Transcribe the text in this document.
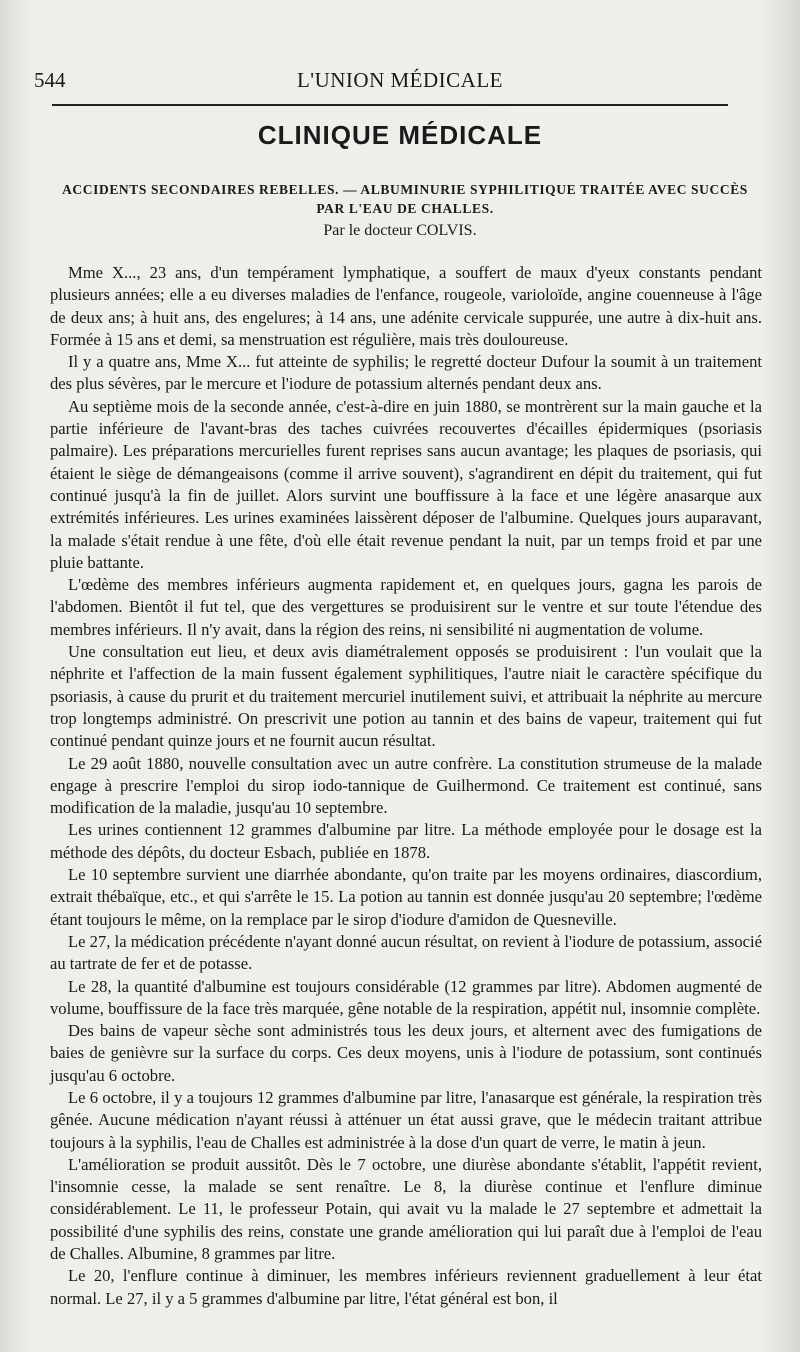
544	L'UNION MÉDICALE
CLINIQUE MÉDICALE
ACCIDENTS SECONDAIRES REBELLES. — ALBUMINURIE SYPHILITIQUE TRAITÉE AVEC SUCCÈS PAR L'EAU DE CHALLES.
Par le docteur COLVIS.

Mme X..., 23 ans, d'un tempérament lymphatique, a souffert de maux d'yeux constants pendant plusieurs années; elle a eu diverses maladies de l'enfance, rougeole, varioloïde, angine couenneuse à l'âge de deux ans; à huit ans, des engelures; à 14 ans, une adénite cervicale suppurée, une autre à dix-huit ans. Formée à 15 ans et demi, sa menstruation est régulière, mais très douloureuse.

Il y a quatre ans, Mme X... fut atteinte de syphilis; le regretté docteur Dufour la soumit à un traitement des plus sévères, par le mercure et l'iodure de potassium alternés pendant deux ans.

Au septième mois de la seconde année, c'est-à-dire en juin 1880, se montrèrent sur la main gauche et la partie inférieure de l'avant-bras des taches cuivrées recouvertes d'écailles épidermiques (psoriasis palmaire). Les préparations mercurielles furent reprises sans aucun avantage; les plaques de psoriasis, qui étaient le siège de démangeaisons (comme il arrive souvent), s'agrandirent en dépit du traitement, qui fut continué jusqu'à la fin de juillet. Alors survint une bouffissure à la face et une légère anasarque aux extrémités inférieures. Les urines examinées laissèrent déposer de l'albumine. Quelques jours auparavant, la malade s'était rendue à une fête, d'où elle était revenue pendant la nuit, par un temps froid et par une pluie battante.

L'œdème des membres inférieurs augmenta rapidement et, en quelques jours, gagna les parois de l'abdomen. Bientôt il fut tel, que des vergettures se produisirent sur le ventre et sur toute l'étendue des membres inférieurs. Il n'y avait, dans la région des reins, ni sensibilité ni augmentation de volume.

Une consultation eut lieu, et deux avis diamétralement opposés se produisirent : l'un voulait que la néphrite et l'affection de la main fussent également syphilitiques, l'autre niait le caractère spécifique du psoriasis, à cause du prurit et du traitement mercuriel inutilement suivi, et attribuait la néphrite au mercure trop longtemps administré. On prescrivit une potion au tannin et des bains de vapeur, traitement qui fut continué pendant quinze jours et ne fournit aucun résultat.

Le 29 août 1880, nouvelle consultation avec un autre confrère. La constitution strumeuse de la malade engage à prescrire l'emploi du sirop iodo-tannique de Guilhermond. Ce traitement est continué, sans modification de la maladie, jusqu'au 10 septembre.

Les urines contiennent 12 grammes d'albumine par litre. La méthode employée pour le dosage est la méthode des dépôts, du docteur Esbach, publiée en 1878.

Le 10 septembre survient une diarrhée abondante, qu'on traite par les moyens ordinaires, diascordium, extrait thébaïque, etc., et qui s'arrête le 15. La potion au tannin est donnée jusqu'au 20 septembre; l'œdème étant toujours le même, on la remplace par le sirop d'iodure d'amidon de Quesneville.

Le 27, la médication précédente n'ayant donné aucun résultat, on revient à l'iodure de potassium, associé au tartrate de fer et de potasse.

Le 28, la quantité d'albumine est toujours considérable (12 grammes par litre). Abdomen augmenté de volume, bouffissure de la face très marquée, gêne notable de la respiration, appétit nul, insomnie complète.

Des bains de vapeur sèche sont administrés tous les deux jours, et alternent avec des fumigations de baies de genièvre sur la surface du corps. Ces deux moyens, unis à l'iodure de potassium, sont continués jusqu'au 6 octobre.

Le 6 octobre, il y a toujours 12 grammes d'albumine par litre, l'anasarque est générale, la respiration très gênée. Aucune médication n'ayant réussi à atténuer un état aussi grave, que le médecin traitant attribue toujours à la syphilis, l'eau de Challes est administrée à la dose d'un quart de verre, le matin à jeun.

L'amélioration se produit aussitôt. Dès le 7 octobre, une diurèse abondante s'établit, l'appétit revient, l'insomnie cesse, la malade se sent renaître. Le 8, la diurèse continue et l'enflure diminue considérablement. Le 11, le professeur Potain, qui avait vu la malade le 27 septembre et admettait la possibilité d'une syphilis des reins, constate une grande amélioration qui lui paraît due à l'emploi de l'eau de Challes. Albumine, 8 grammes par litre.

Le 20, l'enflure continue à diminuer, les membres inférieurs reviennent graduellement à leur état normal. Le 27, il y a 5 grammes d'albumine par litre, l'état général est bon, il
